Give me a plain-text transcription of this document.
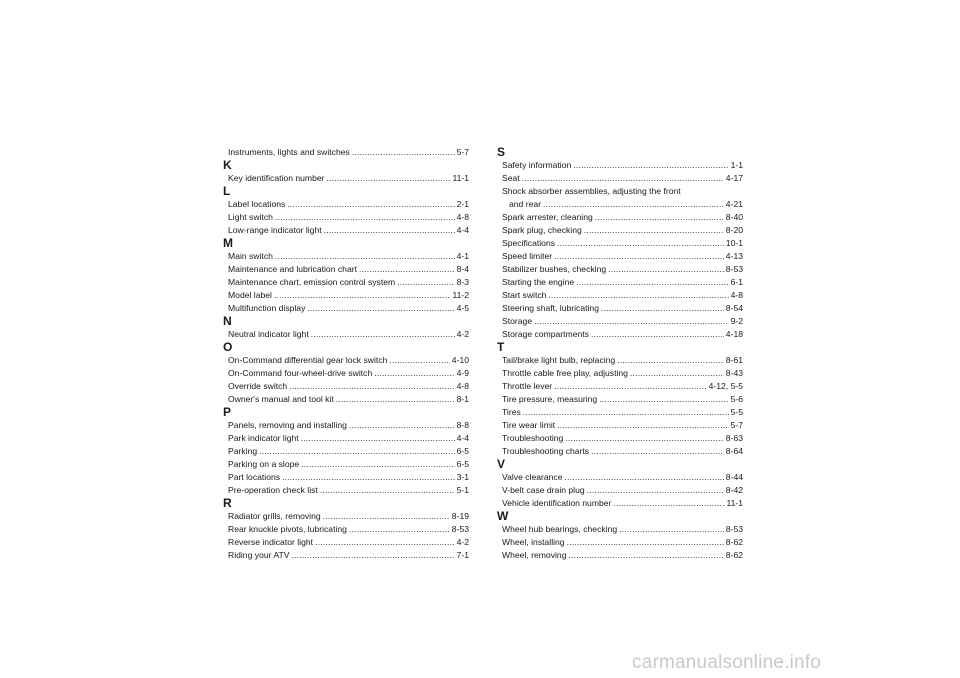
Instruments, lights and switches .....	5-7
K
Key identification number .....	11-1
L
Label locations .....	2-1
Light switch .....	4-8
Low-range indicator light .....	4-4
M
Main switch .....	4-1
Maintenance and lubrication chart .....	8-4
Maintenance chart, emission control system .....	8-3
Model label .....	11-2
Multifunction display .....	4-5
N
Neutral indicator light .....	4-2
O
On-Command differential gear lock switch .....	4-10
On-Command four-wheel-drive switch .....	4-9
Override switch .....	4-8
Owner's manual and tool kit .....	8-1
P
Panels, removing and installing .....	8-8
Park indicator light .....	4-4
Parking .....	6-5
Parking on a slope .....	6-5
Part locations .....	3-1
Pre-operation check list .....	5-1
R
Radiator grills, removing .....	8-19
Rear knuckle pivots, lubricating .....	8-53
Reverse indicator light .....	4-2
Riding your ATV .....	7-1
S
Safety information .....	1-1
Seat .....	4-17
Shock absorber assemblies, adjusting the front
and rear .....	4-21
Spark arrester, cleaning .....	8-40
Spark plug, checking .....	8-20
Specifications .....	10-1
Speed limiter .....	4-13
Stabilizer bushes, checking .....	8-53
Starting the engine .....	6-1
Start switch .....	4-8
Steering shaft, lubricating .....	8-54
Storage .....	9-2
Storage compartments .....	4-18
T
Tail/brake light bulb, replacing .....	8-61
Throttle cable free play, adjusting .....	8-43
Throttle lever .....	4-12, 5-5
Tire pressure, measuring .....	5-6
Tires .....	5-5
Tire wear limit .....	5-7
Troubleshooting .....	8-63
Troubleshooting charts .....	8-64
V
Valve clearance .....	8-44
V-belt case drain plug .....	8-42
Vehicle identification number .....	11-1
W
Wheel hub bearings, checking .....	8-53
Wheel, installing .....	8-62
Wheel, removing .....	8-62
carmanualsonline.info
